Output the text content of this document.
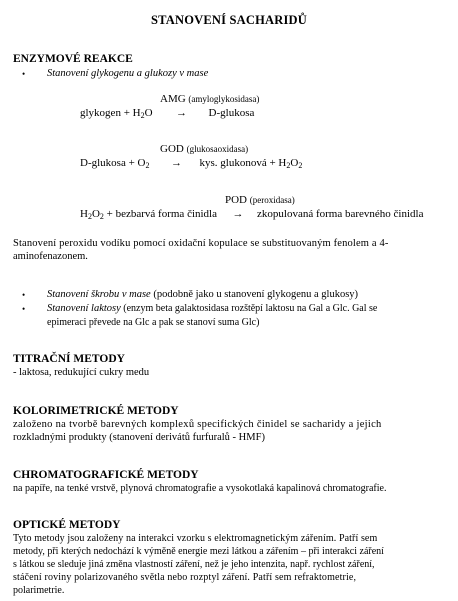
STANOVENÍ SACHARIDŮ
ENZYMOVÉ REAKCE
• Stanovení glykogenu a glukozy v mase
AMG (amyloglykosidasa)
glykogen + $H_2O$ → D-glukosa
GOD (glukosaoxidasa)
D-glukosa + $O_2$ → kys. glukonová + $H_2O_2$
POD (peroxidasa)
$H_2O_2$ + bezbarvá forma činidla → zkopulovaná forma barevného činidla
Stanovení peroxidu vodíku pomocí oxidační kopulace se substituovaným fenolem a 4-
aminofenazonem.
• Stanovení škrobu v mase (podobně jako u stanovení glykogenu a glukosy)
• Stanovení laktosy (enzym beta galaktosidasa rozštěpí laktosu na Gal a Glc. Gal se
epimeraci převede na Glc a pak se stanoví suma Glc)
TITRAČNÍ METODY
- laktosa, redukující cukry medu
KOLORIMETRICKÉ METODY
založeno na tvorbě barevných komplexů specifických činidel se sacharidy a jejich
rozkladnými produkty (stanovení derivátů furfuralů - HMF)
CHROMATOGRAFICKÉ METODY
na papíře, na tenké vrstvě, plynová chromatografie a vysokotlaká kapalinová chromatografie.
OPTICKÉ METODY
Tyto metody jsou založeny na interakci vzorku s elektromagnetickým zářením. Patří sem
metody, při kterých nedochází k výměně energie mezi látkou a zářením – při interakci záření
s látkou se sleduje jiná změna vlastností záření, než je jeho intenzita, např. rychlost záření,
stáčení roviny polarizovaného světla nebo rozptyl záření. Patří sem refraktometrie,
polarimetrie.
